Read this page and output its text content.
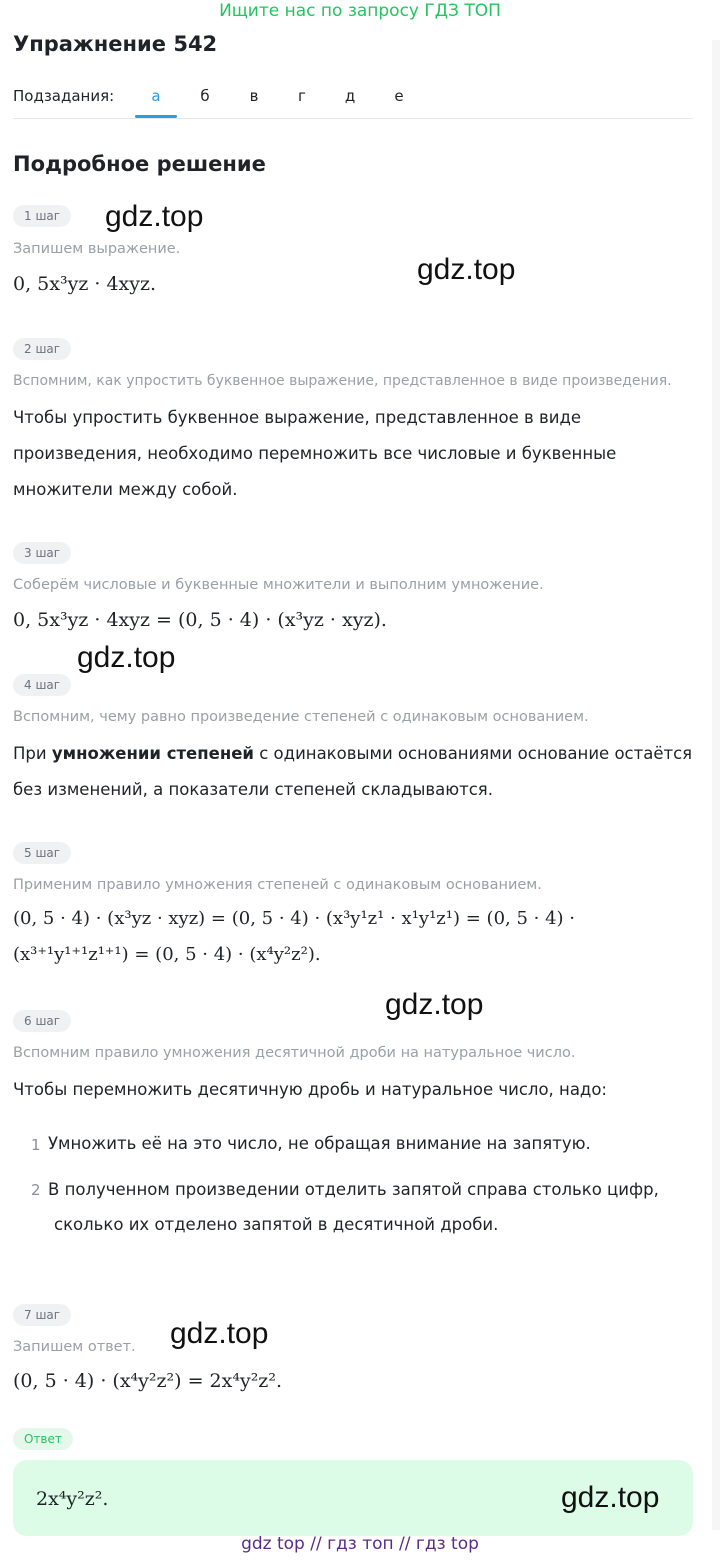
Ищите нас по запросу ГДЗ ТОП
Упражнение 542
Подзадания:	а	б	в	г	д	е
Подробное решение
1 шаг
Запишем выражение.
0, 5x³yz · 4xyz.
2 шаг
Вспомним, как упростить буквенное выражение, представленное в виде произведения.
Чтобы упростить буквенное выражение, представленное в виде
произведения, необходимо перемножить все числовые и буквенные
множители между собой.
3 шаг
Соберём числовые и буквенные множители и выполним умножение.
0, 5x³yz · 4xyz = (0, 5 · 4) · (x³yz · xyz).
4 шаг
Вспомним, чему равно произведение степеней с одинаковым основанием.
При умножении степеней с одинаковыми основаниями основание остаётся
без изменений, а показатели степеней складываются.
5 шаг
Применим правило умножения степеней с одинаковым основанием.
(0, 5 · 4) · (x³yz · xyz) = (0, 5 · 4) · (x³y¹z¹ · x¹y¹z¹) = (0, 5 · 4) ·
(x³⁺¹y¹⁺¹z¹⁺¹) = (0, 5 · 4) · (x⁴y²z²).
6 шаг
Вспомним правило умножения десятичной дроби на натуральное число.
Чтобы перемножить десятичную дробь и натуральное число, надо:
1 Умножить её на это число, не обращая внимание на запятую.
2 В полученном произведении отделить запятой справа столько цифр,
сколько их отделено запятой в десятичной дроби.
7 шаг
Запишем ответ.
(0, 5 · 4) · (x⁴y²z²) = 2x⁴y²z².
Ответ
2x⁴y²z².
gdz.top
gdz.top
gdz.top
gdz.top
gdz.top
gdz.top
gdz top // гдз топ // гдз top
